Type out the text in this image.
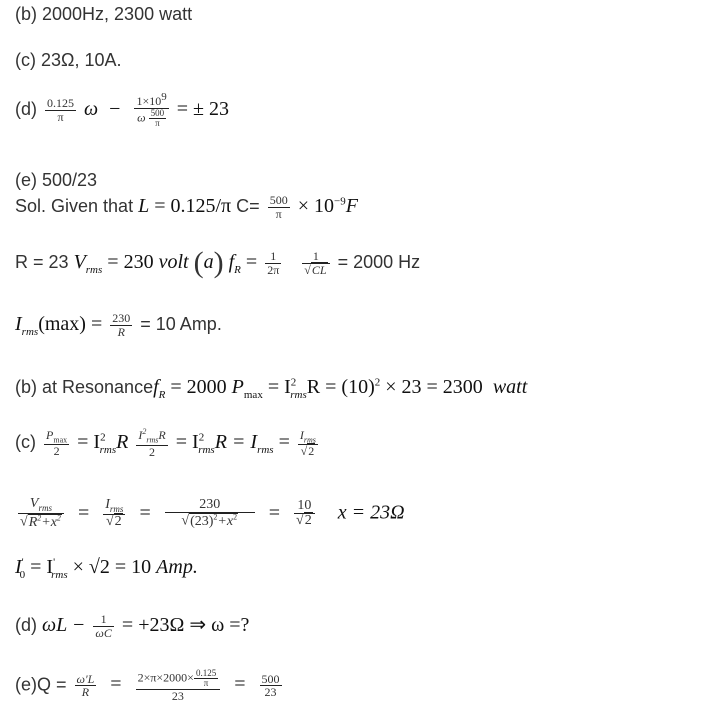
(b) 2000Hz, 2300 watt
(c) 23Ω, 10A.
$(d) \frac{0.125}{\pi}$ $\omega - \frac{1\times 10^9}{\omega \frac{500}{\pi}}$ = ± 23
(e) 500/23
Sol. Given that L = 0.125/π $C= \frac{500}{\pi} \times 10^{-9}F$
R = 23 $V_{rms} = 230$ volt (a) $f_R = \frac{1}{2\pi}$
$\frac{1}{√CL} = 2000$ Hz
$I_{rms}(\max) = \frac{230}{R} = 10$ Amp.
(b) at Resonancef$_R$ = 2000 $P_{max} = I^2_{rms}R = (10)^2 \times 23 = 2300$ watt
$(c) \frac{P_{max}}{2} = I^2_{rms}R \frac{I^2_{rms}R}{2} = I^2_{rms}R = I_{rms} = \frac{I_{rms}}{√2}$
$\frac{V_{rms}}{√R^2+x^2} = \frac{I_{rms}}{√2} = \frac{230}{√(23)^2+x^2} = \frac{10}{√2}$ x = 23Ω
$I'_0 = I'_{rms} \times √2 = 10$ Amp.
(d) $\omega L - \frac{1}{\omega C} = +23\Omega$ ⇒ ω =?
$(e)Q = \frac{\omega'L}{R} = \frac{2\times\pi\times 2000\times \frac{0.125}{\pi}}{23} = \frac{500}{23}$
